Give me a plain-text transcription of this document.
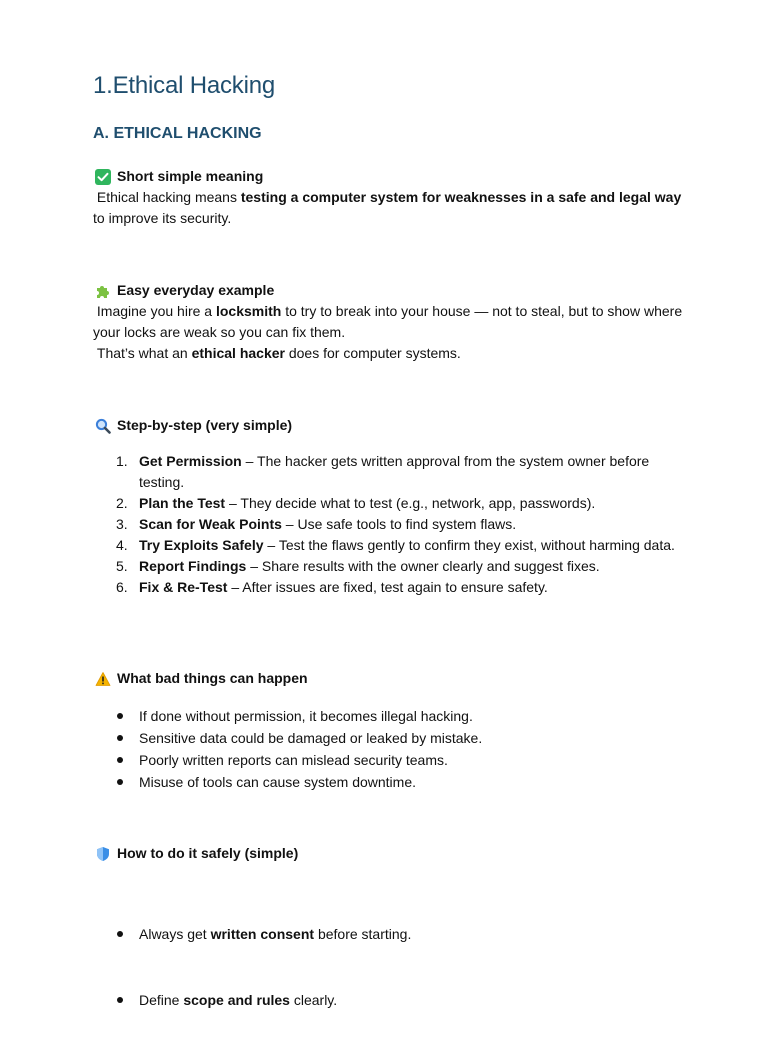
1.Ethical Hacking
A. ETHICAL HACKING
Short simple meaning
Ethical hacking means testing a computer system for weaknesses in a safe and legal way to improve its security.
Easy everyday example
Imagine you hire a locksmith to try to break into your house — not to steal, but to show where your locks are weak so you can fix them.
That’s what an ethical hacker does for computer systems.
Step-by-step (very simple)
1. Get Permission – The hacker gets written approval from the system owner before testing.
2. Plan the Test – They decide what to test (e.g., network, app, passwords).
3. Scan for Weak Points – Use safe tools to find system flaws.
4. Try Exploits Safely – Test the flaws gently to confirm they exist, without harming data.
5. Report Findings – Share results with the owner clearly and suggest fixes.
6. Fix & Re-Test – After issues are fixed, test again to ensure safety.
What bad things can happen
If done without permission, it becomes illegal hacking.
Sensitive data could be damaged or leaked by mistake.
Poorly written reports can mislead security teams.
Misuse of tools can cause system downtime.
How to do it safely (simple)

Always get written consent before starting.

Define scope and rules clearly.
